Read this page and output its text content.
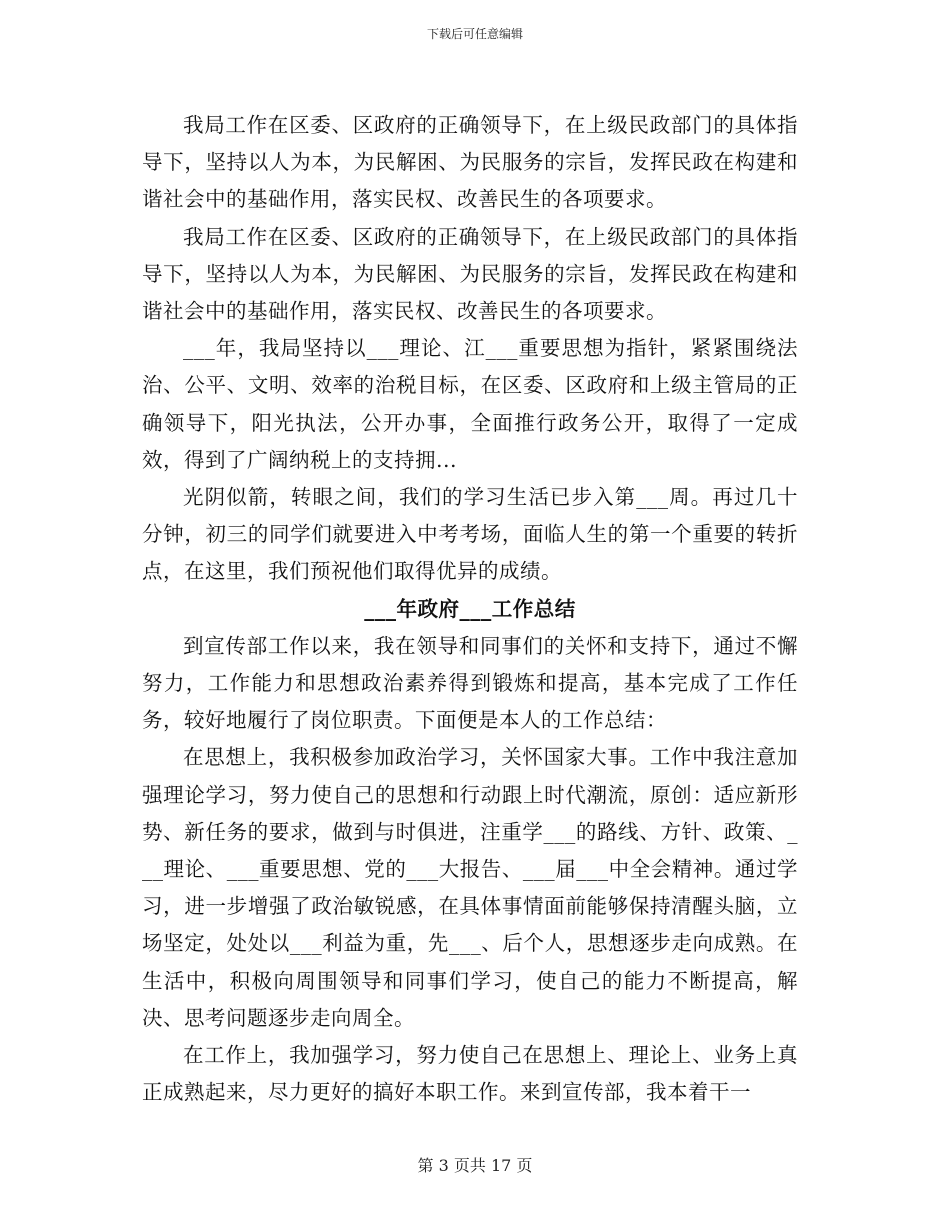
下载后可任意编辑

我局工作在区委、区政府的正确领导下，在上级民政部门的具体指导下，坚持以人为本，为民解困、为民服务的宗旨，发挥民政在构建和谐社会中的基础作用，落实民权、改善民生的各项要求。

我局工作在区委、区政府的正确领导下，在上级民政部门的具体指导下，坚持以人为本，为民解困、为民服务的宗旨，发挥民政在构建和谐社会中的基础作用，落实民权、改善民生的各项要求。

___年，我局坚持以___理论、江___重要思想为指针，紧紧围绕法治、公平、文明、效率的治税目标，在区委、区政府和上级主管局的正确领导下，阳光执法，公开办事，全面推行政务公开，取得了一定成效，得到了广阔纳税上的支持拥...

光阴似箭，转眼之间，我们的学习生活已步入第___周。再过几十分钟，初三的同学们就要进入中考考场，面临人生的第一个重要的转折点，在这里，我们预祝他们取得优异的成绩。

___年政府___工作总结

到宣传部工作以来，我在领导和同事们的关怀和支持下，通过不懈努力，工作能力和思想政治素养得到锻炼和提高，基本完成了工作任务，较好地履行了岗位职责。下面便是本人的工作总结：

在思想上，我积极参加政治学习，关怀国家大事。工作中我注意加强理论学习，努力使自己的思想和行动跟上时代潮流，原创：适应新形势、新任务的要求，做到与时俱进，注重学___的路线、方针、政策、___理论、___重要思想、党的___大报告、___届___中全会精神。通过学习，进一步增强了政治敏锐感，在具体事情面前能够保持清醒头脑，立场坚定，处处以___利益为重，先___、后个人，思想逐步走向成熟。在生活中，积极向周围领导和同事们学习，使自己的能力不断提高，解决、思考问题逐步走向周全。

在工作上，我加强学习，努力使自己在思想上、理论上、业务上真正成熟起来，尽力更好的搞好本职工作。来到宣传部，我本着干一

第 3 页共 17 页
